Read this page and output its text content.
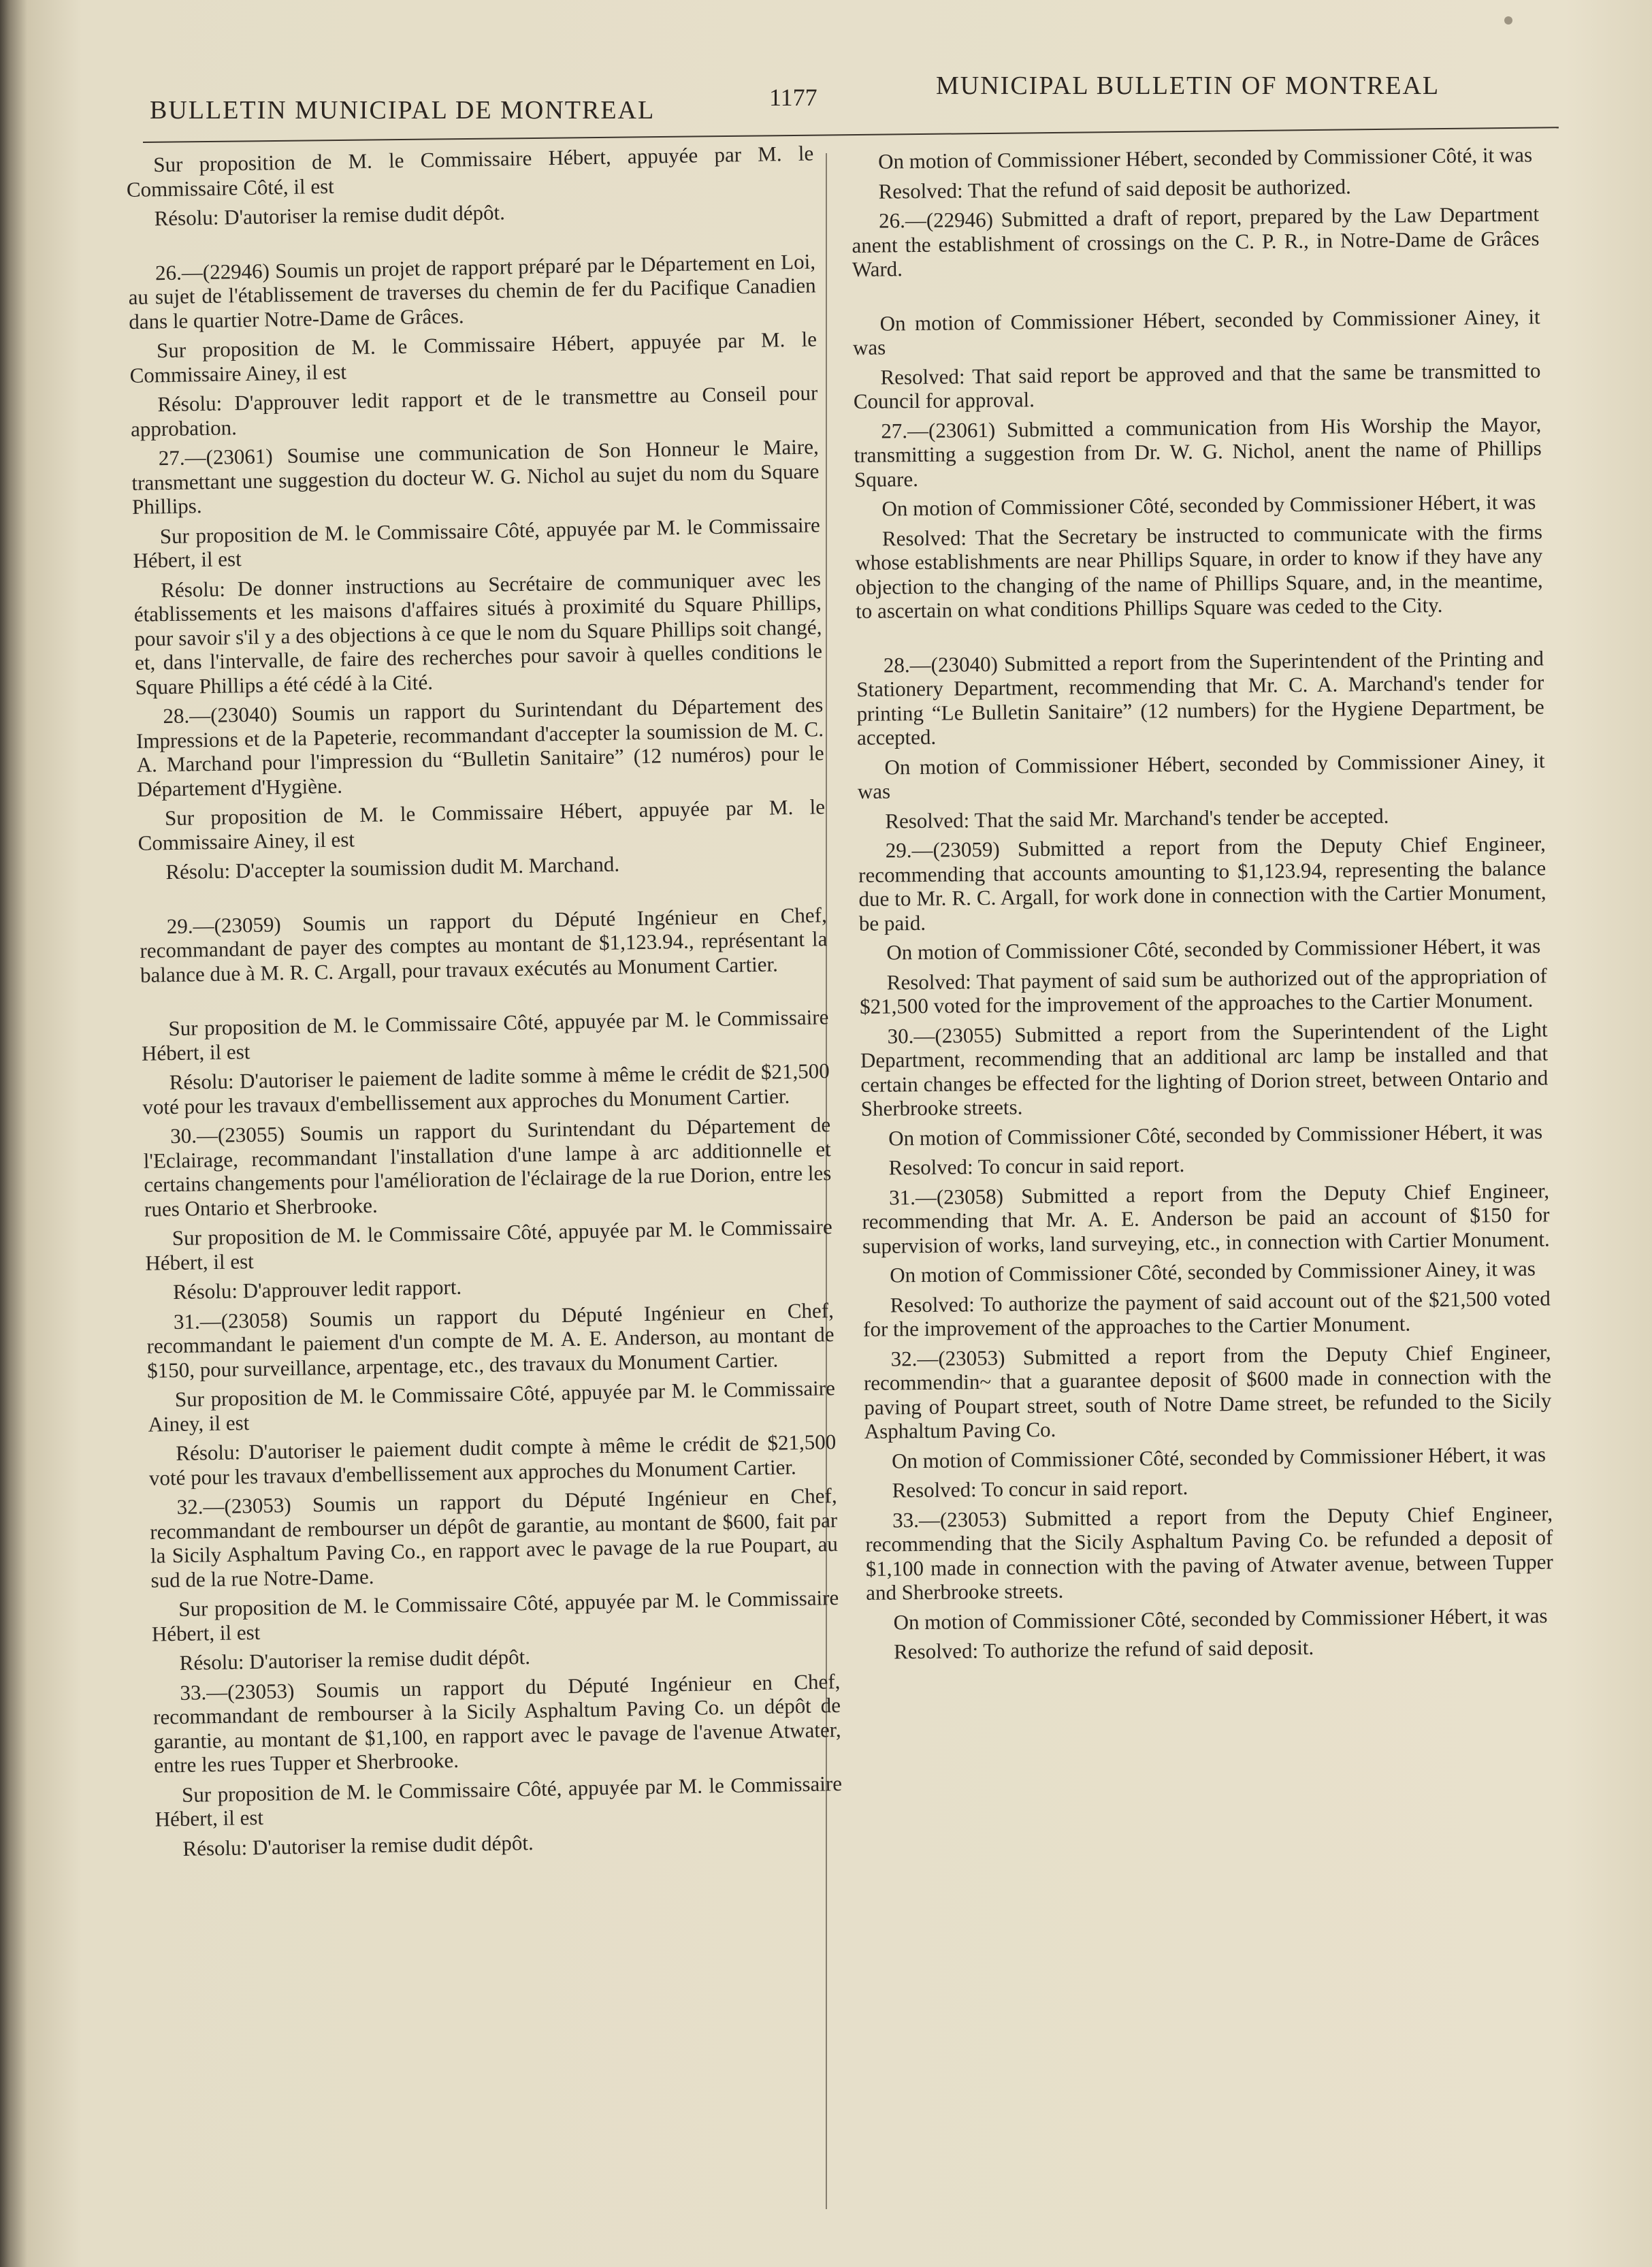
BULLETIN MUNICIPAL DE MONTREAL	1177	MUNICIPAL BULLETIN OF MONTREAL

Sur proposition de M. le Commissaire Hébert, appuyée par M. le Commissaire Côté, il est

Résolu: D'autoriser la remise dudit dépôt.

26.—(22946) Soumis un projet de rapport préparé par le Département en Loi, au sujet de l'établissement de traverses du chemin de fer du Pacifique Canadien dans le quartier Notre-Dame de Grâces.

Sur proposition de M. le Commissaire Hébert, appuyée par M. le Commissaire Ainey, il est

Résolu: D'approuver ledit rapport et de le transmettre au Conseil pour approbation.

27.—(23061) Soumise une communication de Son Honneur le Maire, transmettant une suggestion du docteur W. G. Nichol au sujet du nom du Square Phillips.

Sur proposition de M. le Commissaire Côté, appuyée par M. le Commissaire Hébert, il est

Résolu: De donner instructions au Secrétaire de communiquer avec les établissements et les maisons d'affaires situés à proximité du Square Phillips, pour savoir s'il y a des objections à ce que le nom du Square Phillips soit changé, et, dans l'intervalle, de faire des recherches pour savoir à quelles conditions le Square Phillips a été cédé à la Cité.

28.—(23040) Soumis un rapport du Surintendant du Département des Impressions et de la Papeterie, recommandant d'accepter la soumission de M. C. A. Marchand pour l'impression du “Bulletin Sanitaire” (12 numéros) pour le Département d'Hygiène.

Sur proposition de M. le Commissaire Hébert, appuyée par M. le Commissaire Ainey, il est

Résolu: D'accepter la soumission dudit M. Marchand.

29.—(23059) Soumis un rapport du Député Ingénieur en Chef, recommandant de payer des comptes au montant de $1,123.94., représentant la balance due à M. R. C. Argall, pour travaux exécutés au Monument Cartier.

Sur proposition de M. le Commissaire Côté, appuyée par M. le Commissaire Hébert, il est

Résolu: D'autoriser le paiement de ladite somme à même le crédit de $21,500 voté pour les travaux d'embellissement aux approches du Monument Cartier.

30.—(23055) Soumis un rapport du Surintendant du Département de l'Eclairage, recommandant l'installation d'une lampe à arc additionnelle et certains changements pour l'amélioration de l'éclairage de la rue Dorion, entre les rues Ontario et Sherbrooke.

Sur proposition de M. le Commissaire Côté, appuyée par M. le Commissaire Hébert, il est

Résolu: D'approuver ledit rapport.

31.—(23058) Soumis un rapport du Député Ingénieur en Chef, recommandant le paiement d'un compte de M. A. E. Anderson, au montant de $150, pour surveillance, arpentage, etc., des travaux du Monument Cartier.

Sur proposition de M. le Commissaire Côté, appuyée par M. le Commissaire Ainey, il est

Résolu: D'autoriser le paiement dudit compte à même le crédit de $21,500 voté pour les travaux d'embellissement aux approches du Monument Cartier.

32.—(23053) Soumis un rapport du Député Ingénieur en Chef, recommandant de rembourser un dépôt de garantie, au montant de $600, fait par la Sicily Asphaltum Paving Co., en rapport avec le pavage de la rue Poupart, au sud de la rue Notre-Dame.

Sur proposition de M. le Commissaire Côté, appuyée par M. le Commissaire Hébert, il est

Résolu: D'autoriser la remise dudit dépôt.

33.—(23053) Soumis un rapport du Député Ingénieur en Chef, recommandant de rembourser à la Sicily Asphaltum Paving Co. un dépôt de garantie, au montant de $1,100, en rapport avec le pavage de l'avenue Atwater, entre les rues Tupper et Sherbrooke.

Sur proposition de M. le Commissaire Côté, appuyée par M. le Commissaire Hébert, il est

Résolu: D'autoriser la remise dudit dépôt.

On motion of Commissioner Hébert, seconded by Commissioner Côté, it was

Resolved: That the refund of said deposit be authorized.

26.—(22946) Submitted a draft of report, prepared by the Law Department anent the establishment of crossings on the C. P. R., in Notre-Dame de Grâces Ward.

On motion of Commissioner Hébert, seconded by Commissioner Ainey, it was

Resolved: That said report be approved and that the same be transmitted to Council for approval.

27.—(23061) Submitted a communication from His Worship the Mayor, transmitting a suggestion from Dr. W. G. Nichol, anent the name of Phillips Square.

On motion of Commissioner Côté, seconded by Commissioner Hébert, it was

Resolved: That the Secretary be instructed to communicate with the firms whose establishments are near Phillips Square, in order to know if they have any objection to the changing of the name of Phillips Square, and, in the meantime, to ascertain on what conditions Phillips Square was ceded to the City.

28.—(23040) Submitted a report from the Superintendent of the Printing and Stationery Department, recommending that Mr. C. A. Marchand's tender for printing “Le Bulletin Sanitaire” (12 numbers) for the Hygiene Department, be accepted.

On motion of Commissioner Hébert, seconded by Commissioner Ainey, it was

Resolved: That the said Mr. Marchand's tender be accepted.

29.—(23059) Submitted a report from the Deputy Chief Engineer, recommending that accounts amounting to $1,123.94, representing the balance due to Mr. R. C. Argall, for work done in connection with the Cartier Monument, be paid.

On motion of Commissioner Côté, seconded by Commissioner Hébert, it was

Resolved: That payment of said sum be authorized out of the appropriation of $21,500 voted for the improvement of the approaches to the Cartier Monument.

30.—(23055) Submitted a report from the Superintendent of the Light Department, recommending that an additional arc lamp be installed and that certain changes be effected for the lighting of Dorion street, between Ontario and Sherbrooke streets.

On motion of Commissioner Côté, seconded by Commissioner Hébert, it was

Resolved: To concur in said report.

31.—(23058) Submitted a report from the Deputy Chief Engineer, recommending that Mr. A. E. Anderson be paid an account of $150 for supervision of works, land surveying, etc., in connection with Cartier Monument.

On motion of Commissioner Côté, seconded by Commissioner Ainey, it was

Resolved: To authorize the payment of said account out of the $21,500 voted for the improvement of the approaches to the Cartier Monument.

32.—(23053) Submitted a report from the Deputy Chief Engineer, recommendin~ that a guarantee deposit of $600 made in connection with the paving of Poupart street, south of Notre Dame street, be refunded to the Sicily Asphaltum Paving Co.

On motion of Commissioner Côté, seconded by Commissioner Hébert, it was

Resolved: To concur in said report.

33.—(23053) Submitted a report from the Deputy Chief Engineer, recommending that the Sicily Asphaltum Paving Co. be refunded a deposit of $1,100 made in connection with the paving of Atwater avenue, between Tupper and Sherbrooke streets.

On motion of Commissioner Côté, seconded by Commissioner Hébert, it was

Resolved: To authorize the refund of said deposit.
